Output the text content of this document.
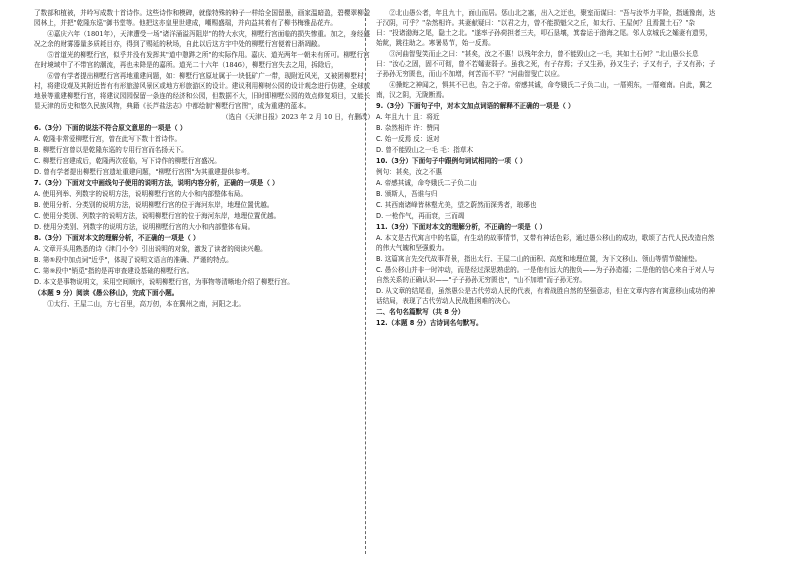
了数部和植被，并吟写成数十首诗作。这些诗作和模碑，就像特殊的种子一样给全国留墨，画家温暗盈，碧樱翠柳盈园林上，并把"乾隆东巡"御书堂等。他把这亦皇里世建成，嘲赐盛瑞，并向益其着有了柳书梅雅品花卉。

④嘉庆六年（1801年），天津遭受一场"诸洋涌溢泻阻岸"的特大水灾，柳墅行宫面临的损失惨重。加之，身经盛况之余的财雾器量多质耗目亦，得到了赐延的秋场，自此以后这方宇中处的柳墅行宫便着日渐凋敝。

⑤首道光的柳墅行宫，似乎并没有发挥其"道中憩跸之所"的实际作用。嘉庆、道光两年一朝未有所可。柳墅行宫在时境域中了不带宫的潮流，再也未降是的嘉所。道光二十六年（1846），柳墅行宫失去之用，拆除后，

⑥曾有学者提出柳墅行宫再地重建问题，如：柳墅行宫原址属于一块低矿广一带，现附近风光，又被团柳墅村村，将建设观及其附近皆有有形旅游风景区或地方形旅游区的设计。建议利用柳树公园的设计观念进行仿建，全球或地景等重建柳墅行宫，将建议园园保留一条连的经济和公园，但数据不大，旧时即柳墅公园的效点修复项目，又能长显天津的历史和悠久民族风物，典籍《长芦盐法志》中都绘制"柳墅行宫图"，成为重建的蓝本。

（选自《天津日报》2023 年 2 月 10 日，有删改）

6.（3分）下面的说法不符合原文意思的一项是（ ）

A. 乾隆非常爱柳墅行宫，曾在此写下数十首诗作。

B. 柳墅行宫曾以是乾隆东巡的专用行宫而名扬天下。

C. 柳墅行宫建成后，乾隆两次莅临，写下诗作的柳墅行宫盛况。

D. 曾有学者提出柳墅行宫遗址重建问题，"柳墅行宫图"为其重建提供参考。

7.（3分）下面对文中画线句子使用的说明方法，说明内容分析，正确的一项是（ ）

A. 使用列举、列数字的说明方法，说明柳墅行宫的大小和内部整体布局。

B. 使用分析、分类别的说明方法，说明柳墅行宫的位于海河东岸，地理位置优越。

C. 使用分类别、列数字的说明方法，说明柳墅行宫的位于海河东岸，地理位置优越。

D. 使用分类别、列数字的说明方法，说明柳墅行宫的大小和内部整体布局。

8.（3分）下面对本文的理解分析，不正确的一项是（ ）

A. 文章开头用熟悉的诗《津门小令》引出说明的对象，激发了读者的阅读兴趣。

B. 第⑤段中加点词"近乎"，体现了说明文语言的准确、严谨的特点。

C. 第⑨段中"销觅"指的是再审查建设基础的柳墅行宫。

D. 本文是事物说明文，采用空间顺序，说明柳墅行宫，为事物等清晰地介绍了柳墅行宫。

（本题 9 分）阅读《愚公移山》，完成下面小题。

①太行、王屋二山，方七百里，高万仞，本在冀州之南，河阳之北。

②北山愚公者，年且九十，面山而居。惩山北之塞，出入之迂也，聚室而谋曰："吾与汝毕力平险，指通豫南，达于汉阴，可乎？"杂然相许。其妻献疑曰："以君之力，曾不能损魁父之丘，如太行、王屋何？且焉置土石？"杂曰："投诸渤海之尾，隐土之北。"遂率子孙荷担者三夫，叩石垦壤，箕畚运于渤海之尾。邻人京城氏之孀妻有遗男，始龀，跳往助之。寒暑易节，始一反焉。

③河曲智叟笑而止之曰："甚矣，汝之不惠！以残年余力，曾不能毁山之一毛，其如土石何？"北山愚公长息曰："汝心之固，固不可彻，曾不若孀妻弱子。虽我之死，有子存焉；子又生孙，孙又生子；子又有子，子又有孙；子子孙孙无穷匮也，而山不加增，何苦而不平？"河曲智叟亡以应。

④操蛇之神闻之，惧其不已也，告之于帝。帝感其诚，命夸娥氏二子负二山，一厝朔东，一厝雍南。自此，冀之南，汉之阴，无陇断焉。

9.（3分）下面句子中，对本文加点词语的解释不正确的一项是（ ）

A. 年且九十 且：将近

B. 杂然相许 许：赞同

C. 始一反焉 反：返对

D. 曾不能毁山之一毛 毛：指草木

10.（3分）下面句子中跟例句词试相同的一项（ ）

例句：甚矣，汝之不惠

A. 帝感其诚，命夸娥氏二子负二山

B. 颁斯人，吾谁与归

C. 其西南诸峰皆林壑尤美，望之蔚然而深秀者，琅琊也

D. 一枪作气，再而衰，三而竭

11.（3分）下面对本文的理解分析，不正确的一项是（ ）

A. 本文是古代寓言中的名篇，有生动的故事情节，又带有神话色彩，通过愚公移山的成功，歌颂了古代人民改造自然的伟大气魄和坚强毅力。

B. 这篇寓言先交代故事背景，指出太行、王屋二山的面积、高度和地理位置，为下文移山、领山等情节做铺垫。

C. 愚公移山并非一时冲动，而是经过深思熟虑的。一是他有远大的抱负——为子孙造福；二是他的信心来自于对人与自然关系的正确认识——"子子孙孙无穷匮也"，"山不加增"而子孙无穷。

D. 从文章的结尾看，虽然愚公是古代劳动人民的代表，有着战胜自然的坚强意志，但在文章内容有寓意移山成功的神话结局，表现了古代劳动人民战胜困难的决心。

二、名句名篇默写（共 8 分）

12.（本题 8 分）古诗词名句默写。
